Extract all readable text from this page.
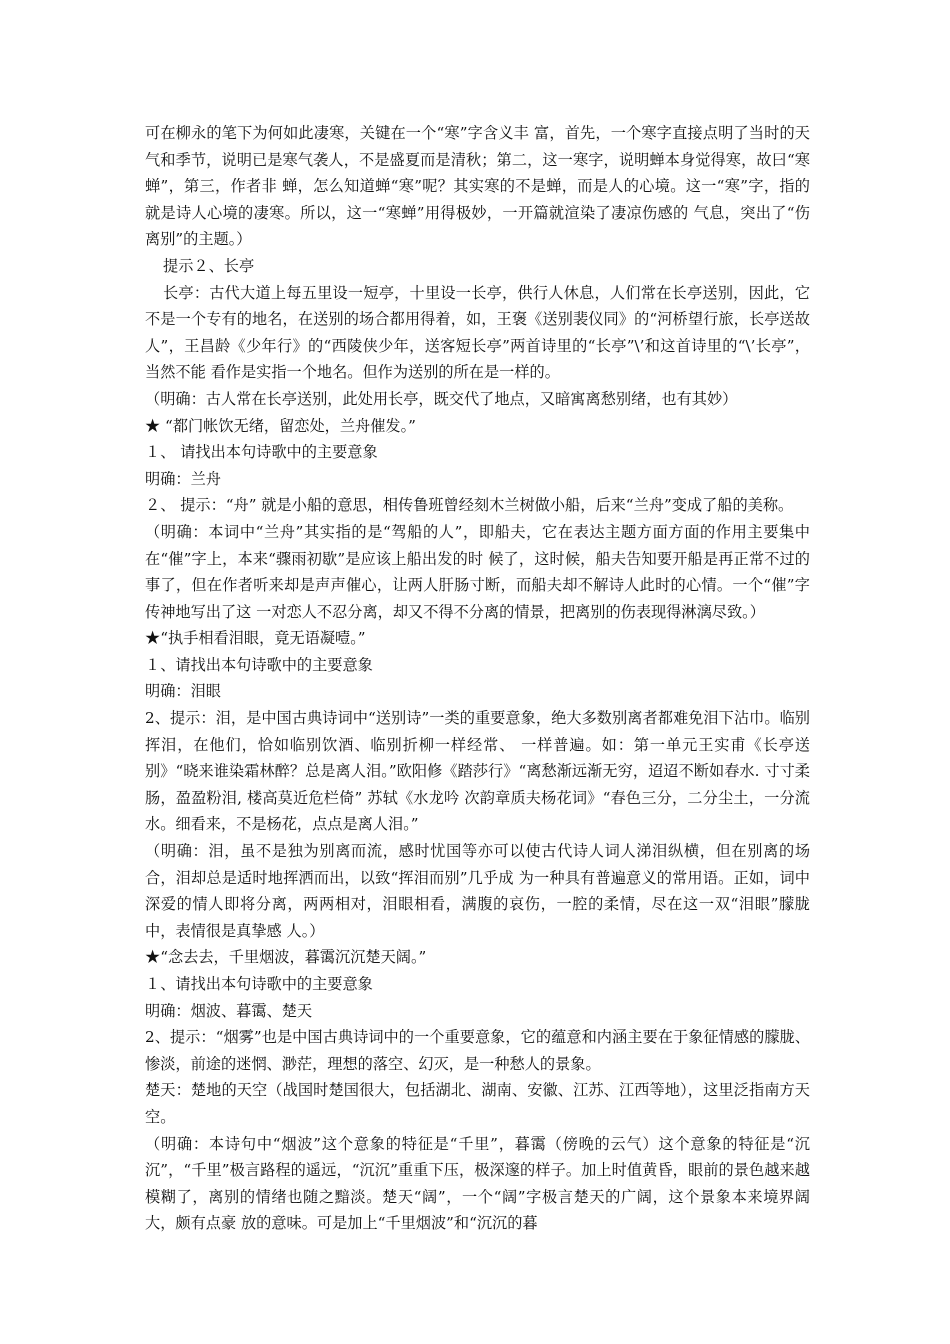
可在柳永的笔下为何如此凄寒，关键在一个“寒”字含义丰 富，首先，一个寒字直接点明了当时的天气和季节，说明已是寒气袭人，不是盛夏而是清秋；第二，这一寒字，说明蝉本身觉得寒，故曰“寒蝉”，第三，作者非 蝉，怎么知道蝉“寒”呢？其实寒的不是蝉，而是人的心境。这一“寒”字，指的就是诗人心境的凄寒。所以，这一“寒蝉”用得极妙，一开篇就渲染了凄凉伤感的 气息，突出了“伤离别”的主题。）

提示２、长亭

长亭：古代大道上每五里设一短亭，十里设一长亭，供行人休息，人们常在长亭送别，因此，它不是一个专有的地名，在送别的场合都用得着，如，王褒《送别裴仪同》的“河桥望行旅，长亭送故人”，王昌龄《少年行》的“西陵侠少年，送客短长亭”两首诗里的“长亭”\’和这首诗里的“\’长亭”，当然不能 看作是实指一个地名。但作为送别的所在是一样的。

（明确：古人常在长亭送别，此处用长亭，既交代了地点，又暗寓离愁别绪，也有其妙）

★ “都门帐饮无绪，留恋处，兰舟催发。”

１、 请找出本句诗歌中的主要意象

明确：兰舟

２、 提示：“舟” 就是小船的意思，相传鲁班曾经刻木兰树做小船，后来“兰舟”变成了船的美称。

（明确：本词中“兰舟”其实指的是“驾船的人”，即船夫，它在表达主题方面方面的作用主要集中在“催”字上，本来“骤雨初歇”是应该上船出发的时 候了，这时候，船夫告知要开船是再正常不过的事了，但在作者听来却是声声催心，让两人肝肠寸断，而船夫却不解诗人此时的心情。一个“催”字传神地写出了这 一对恋人不忍分离，却又不得不分离的情景，把离别的伤表现得淋漓尽致。）

★“执手相看泪眼，竟无语凝噎。”

１、请找出本句诗歌中的主要意象

明确：泪眼

2、提示：泪，是中国古典诗词中“送别诗”一类的重要意象，绝大多数别离者都难免泪下沾巾。临别挥泪，在他们，恰如临别饮酒、临别折柳一样经常、 一样普遍。如：第一单元王实甫《长亭送别》“晓来谁染霜林醉？总是离人泪。”欧阳修《踏莎行》“离愁渐远渐无穷，迢迢不断如春水. 寸寸柔肠，盈盈粉泪, 楼高莫近危栏倚” 苏轼《水龙吟 次韵章质夫杨花词》“春色三分，二分尘土，一分流水。细看来，不是杨花，点点是离人泪。”

（明确：泪，虽不是独为别离而流，感时忧国等亦可以使古代诗人词人涕泪纵横，但在别离的场合，泪却总是适时地挥洒而出，以致“挥泪而别”几乎成 为一种具有普遍意义的常用语。正如，词中深爱的情人即将分离，两两相对，泪眼相看，满腹的哀伤，一腔的柔情，尽在这一双“泪眼”朦胧中，表情很是真挚感 人。）

★“念去去，千里烟波，暮霭沉沉楚天阔。”

１、请找出本句诗歌中的主要意象

明确：烟波、暮霭、楚天

2、提示：“烟雾”也是中国古典诗词中的一个重要意象，它的蕴意和内涵主要在于象征情感的朦胧、惨淡，前途的迷惘、渺茫，理想的落空、幻灭，是一种愁人的景象。

楚天：楚地的天空（战国时楚国很大，包括湖北、湖南、安徽、江苏、江西等地），这里泛指南方天空。

（明确：本诗句中“烟波”这个意象的特征是“千里”，暮霭（傍晚的云气）这个意象的特征是“沉沉”，“千里”极言路程的遥远，“沉沉”重重下压，极深邃的样子。加上时值黄昏，眼前的景色越来越模糊了，离别的情绪也随之黯淡。楚天“阔”，一个“阔”字极言楚天的广阔，这个景象本来境界阔大，颇有点豪 放的意味。可是加上“千里烟波”和“沉沉的暮
